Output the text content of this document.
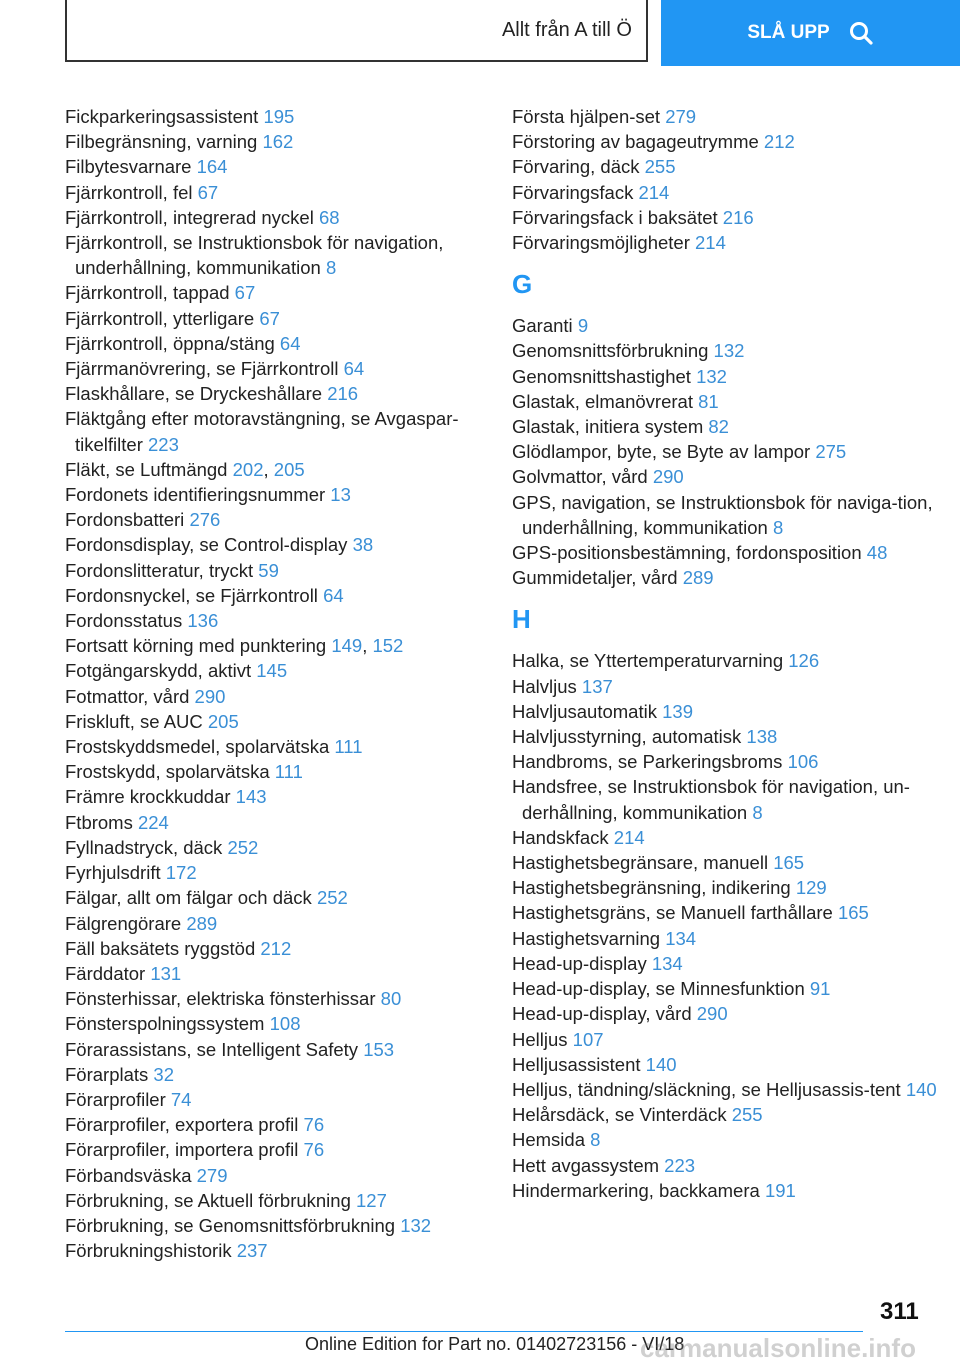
Allt från A till Ö	SLÅ UPP
Fickparkeringsassistent 195
Filbegränsning, varning 162
Filbytesvarnare 164
Fjärrkontroll, fel 67
Fjärrkontroll, integrerad nyckel 68
Fjärrkontroll, se Instruktionsbok för navigation, underhållning, kommunikation 8
Fjärrkontroll, tappad 67
Fjärrkontroll, ytterligare 67
Fjärrkontroll, öppna/stäng 64
Fjärrmanövrering, se Fjärrkontroll 64
Flaskhållare, se Dryckeshållare 216
Fläktgång efter motoravstängning, se Avgaspar-tikelfilter 223
Fläkt, se Luftmängd 202, 205
Fordonets identifieringsnummer 13
Fordonsbatteri 276
Fordonsdisplay, se Control-display 38
Fordonslitteratur, tryckt 59
Fordonsnyckel, se Fjärrkontroll 64
Fordonsstatus 136
Fortsatt körning med punktering 149, 152
Fotgängarskydd, aktivt 145
Fotmattor, vård 290
Friskluft, se AUC 205
Frostskyddsmedel, spolarvätska 111
Frostskydd, spolarvätska 111
Främre krockkuddar 143
Ftbroms 224
Fyllnadstryck, däck 252
Fyrhjulsdrift 172
Fälgar, allt om fälgar och däck 252
Fälgrengörare 289
Fäll baksätets ryggstöd 212
Färddator 131
Fönsterhissar, elektriska fönsterhissar 80
Fönsterspolningssystem 108
Förarassistans, se Intelligent Safety 153
Förarplats 32
Förarprofiler 74
Förarprofiler, exportera profil 76
Förarprofiler, importera profil 76
Förbandsväska 279
Förbrukning, se Aktuell förbrukning 127
Förbrukning, se Genomsnittsförbrukning 132
Förbrukningshistorik 237
Första hjälpen-set 279
Förstoring av bagageutrymme 212
Förvaring, däck 255
Förvaringsfack 214
Förvaringsfack i baksätet 216
Förvaringsmöjligheter 214
G
Garanti 9
Genomsnittsförbrukning 132
Genomsnittshastighet 132
Glastak, elmanövrerat 81
Glastak, initiera system 82
Glödlampor, byte, se Byte av lampor 275
Golvmattor, vård 290
GPS, navigation, se Instruktionsbok för naviga-tion, underhållning, kommunikation 8
GPS-positionsbestämning, fordonsposition 48
Gummidetaljer, vård 289
H
Halka, se Yttertemperaturvarning 126
Halvljus 137
Halvljusautomatik 139
Halvljusstyrning, automatisk 138
Handbroms, se Parkeringsbroms 106
Handsfree, se Instruktionsbok för navigation, un-derhållning, kommunikation 8
Handskfack 214
Hastighetsbegränsare, manuell 165
Hastighetsbegränsning, indikering 129
Hastighetsgräns, se Manuell farthållare 165
Hastighetsvarning 134
Head-up-display 134
Head-up-display, se Minnesfunktion 91
Head-up-display, vård 290
Helljus 107
Helljusassistent 140
Helljus, tändning/släckning, se Helljusassis-tent 140
Helårsdäck, se Vinterdäck 255
Hemsida 8
Hett avgassystem 223
Hindermarkering, backkamera 191
311
Online Edition for Part no. 01402723156 - VI/18
carmanualsonline.info
